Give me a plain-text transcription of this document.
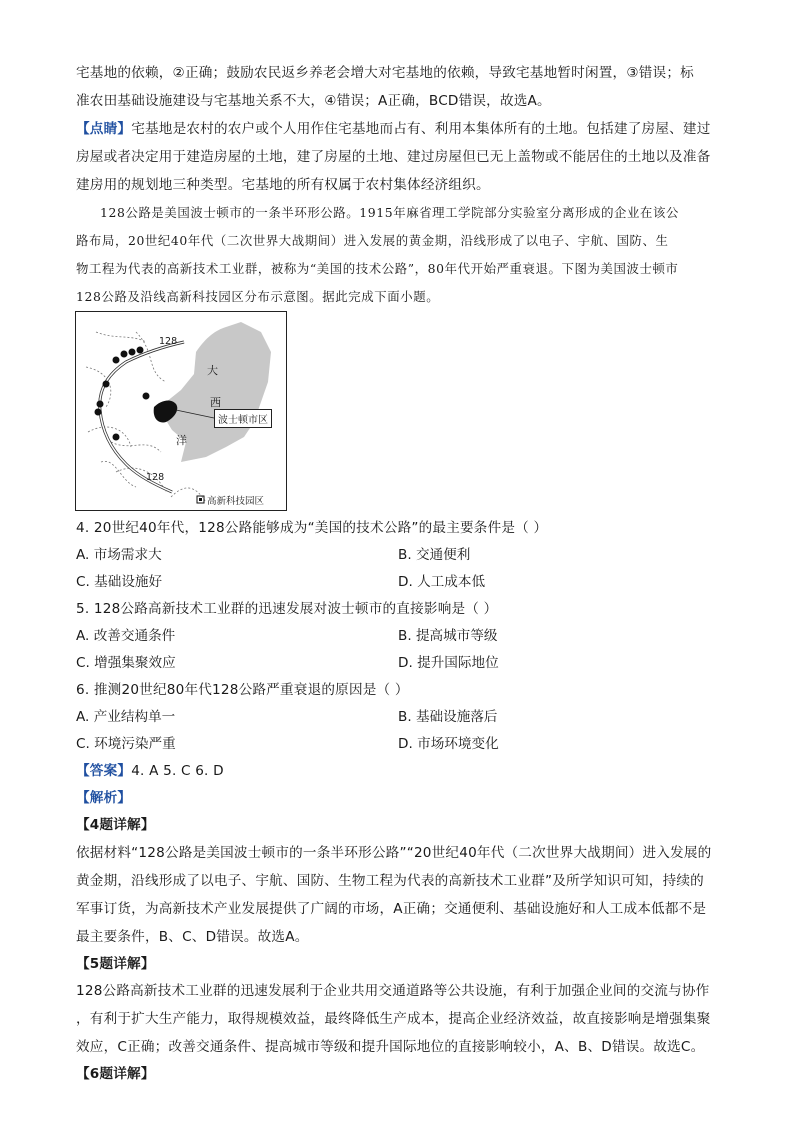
宅基地的依赖，②正确；鼓励农民返乡养老会增大对宅基地的依赖，导致宅基地暂时闲置，③错误；标
准农田基础设施建设与宅基地关系不大，④错误；A正确，BCD错误，故选A。
【点睛】宅基地是农村的农户或个人用作住宅基地而占有、利用本集体所有的土地。包括建了房屋、建过
房屋或者决定用于建造房屋的土地，建了房屋的土地、建过房屋但已无上盖物或不能居住的土地以及准备
建房用的规划地三种类型。宅基地的所有权属于农村集体经济组织。
128公路是美国波士顿市的一条半环形公路。1915年麻省理工学院部分实验室分离形成的企业在该公
路布局，20世纪40年代（二次世界大战期间）进入发展的黄金期，沿线形成了以电子、宇航、国防、生
物工程为代表的高新技术工业群，被称为“美国的技术公路”，80年代开始严重衰退。下图为美国波士顿市
128公路及沿线高新科技园区分布示意图。据此完成下面小题。
128
128
大
西
洋
波士顿市区
高新科技园区
4. 20世纪40年代，128公路能够成为“美国的技术公路”的最主要条件是（ ）
A. 市场需求大	B. 交通便利
C. 基础设施好	D. 人工成本低
5. 128公路高新技术工业群的迅速发展对波士顿市的直接影响是（ ）
A. 改善交通条件	B. 提高城市等级
C. 增强集聚效应	D. 提升国际地位
6. 推测20世纪80年代128公路严重衰退的原因是（ ）
A. 产业结构单一	B. 基础设施落后
C. 环境污染严重	D. 市场环境变化
【答案】4. A 5. C 6. D
【解析】
【4题详解】
依据材料“128公路是美国波士顿市的一条半环形公路”“20世纪40年代（二次世界大战期间）进入发展的
黄金期，沿线形成了以电子、宇航、国防、生物工程为代表的高新技术工业群”及所学知识可知，持续的
军事订货，为高新技术产业发展提供了广阔的市场，A正确；交通便利、基础设施好和人工成本低都不是
最主要条件，B、C、D错误。故选A。
【5题详解】
128公路高新技术工业群的迅速发展利于企业共用交通道路等公共设施，有利于加强企业间的交流与协作
，有利于扩大生产能力，取得规模效益，最终降低生产成本，提高企业经济效益，故直接影响是增强集聚
效应，C正确；改善交通条件、提高城市等级和提升国际地位的直接影响较小，A、B、D错误。故选C。
【6题详解】
